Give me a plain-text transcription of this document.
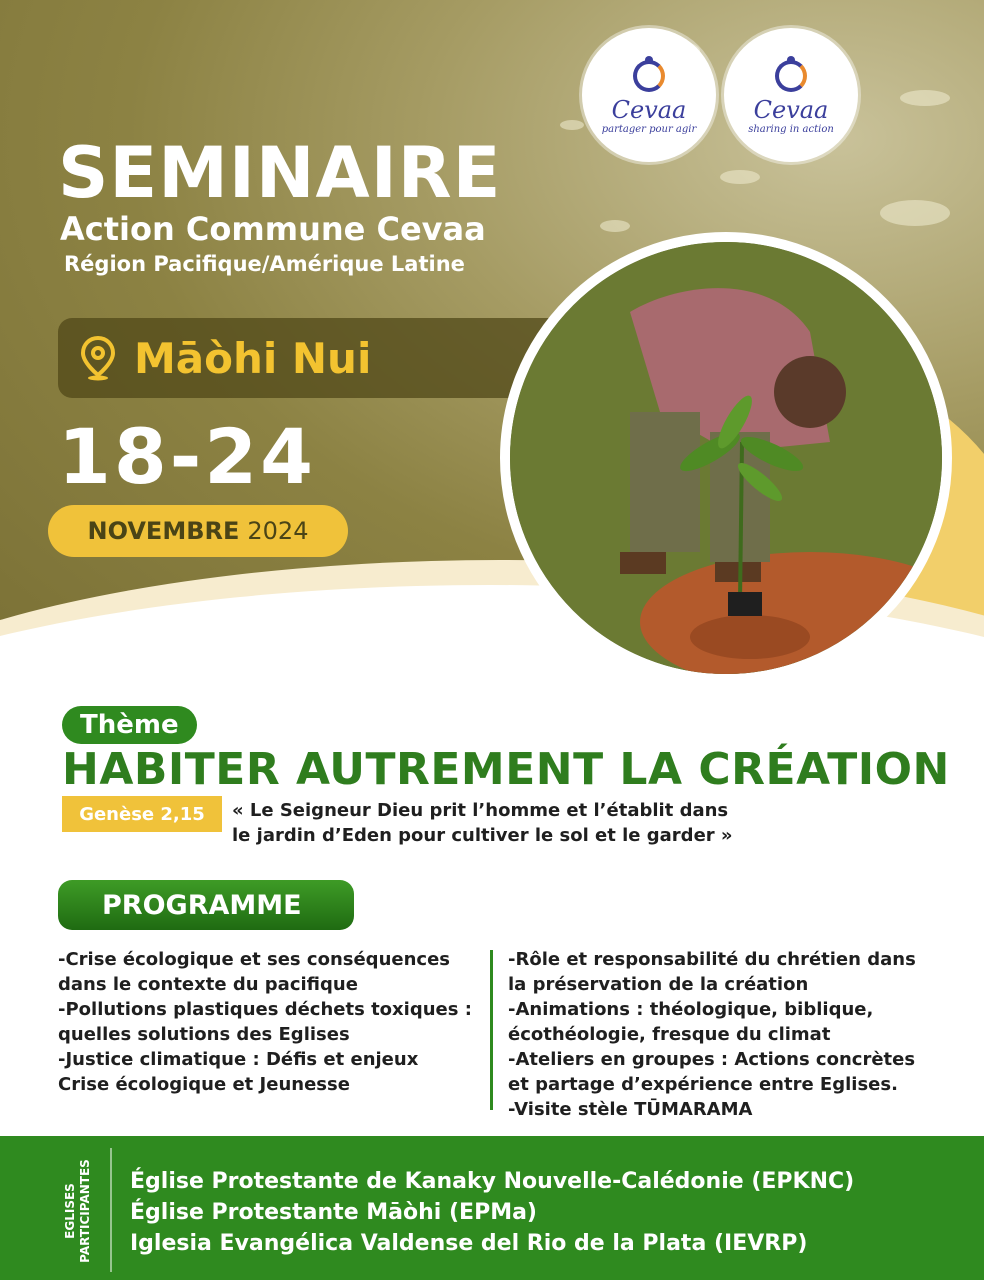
Cevaa
partager pour agir
Cevaa
sharing in action
SEMINAIRE
Action Commune Cevaa
Région Pacifique/Amérique Latine
Māòhi Nui
18-24
NOVEMBRE 2024
Thème
HABITER AUTREMENT LA CRÉATION
Genèse 2,15	« Le Seigneur Dieu prit l’homme et l’établit dans
le jardin d’Eden pour cultiver le sol et le garder »
PROGRAMME
-Crise écologique et ses conséquences
dans le contexte du pacifique
-Pollutions plastiques déchets toxiques :
quelles solutions des Eglises
-Justice climatique : Défis et enjeux
Crise écologique et Jeunesse
-Rôle et responsabilité du chrétien dans
la préservation de la création
-Animations : théologique, biblique,
écothéologie, fresque du climat
-Ateliers en groupes : Actions concrètes
et partage d’expérience entre Eglises.
-Visite stèle TŪMARAMA
EGLISES PARTICIPANTES Église Protestante de Kanaky Nouvelle-Calédonie (EPKNC)
Église Protestante Māòhi (EPMa)
Iglesia Evangélica Valdense del Rio de la Plata (IEVRP)
